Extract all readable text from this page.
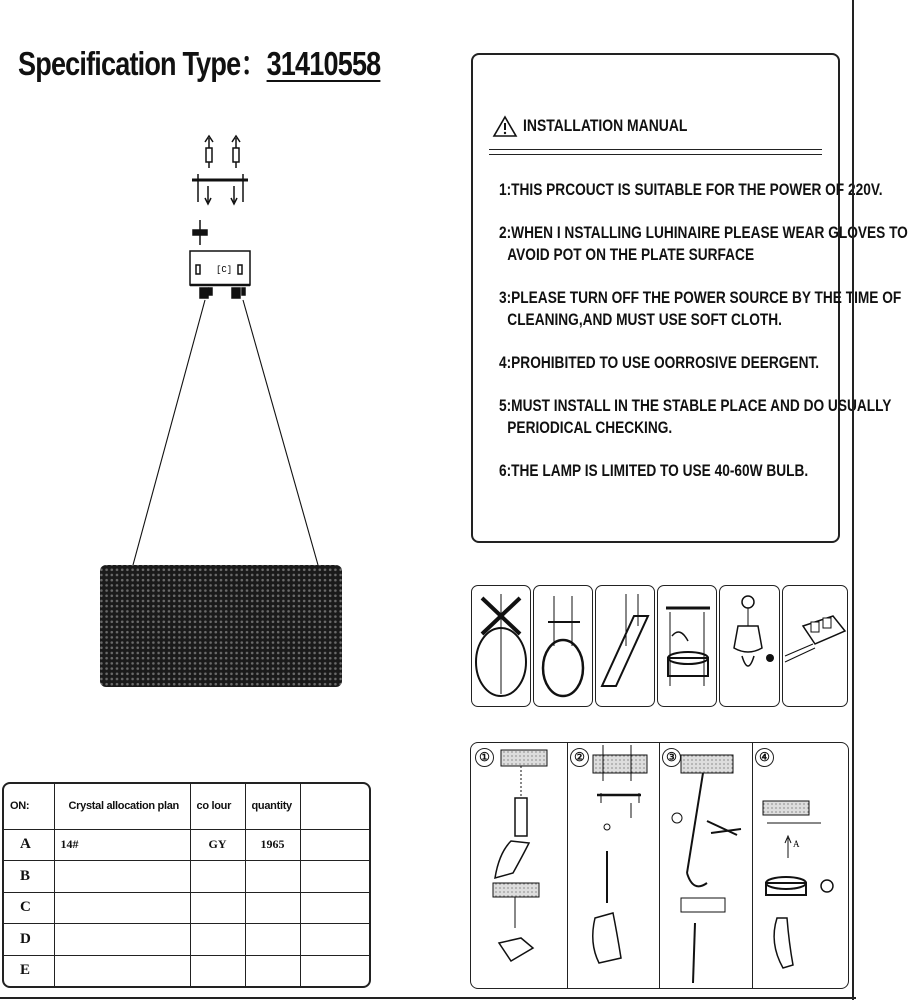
Specification Type：31410558
[C]
INSTALLATION MANUAL
1:THIS PRCOUCT IS SUITABLE FOR THE POWER OF 220V.
2:WHEN I NSTALLING LUHINAIRE PLEASE WEAR GLOVES TO
AVOID POT ON THE PLATE SURFACE
3:PLEASE TURN OFF THE POWER SOURCE BY THE TIME OF
CLEANING,AND MUST USE SOFT CLOTH.
4:PROHIBITED TO USE OORROSIVE DEERGENT.
5:MUST INSTALL IN THE STABLE PLACE AND DO USUALLY
PERIODICAL CHECKING.
6:THE LAMP IS LIMITED TO USE 40-60W BULB.
①	②	③	④
A
ON:	Crystal allocation plan	co lour	quantity	
A	14#	GY	1965	
B				
C				
D				
E				
